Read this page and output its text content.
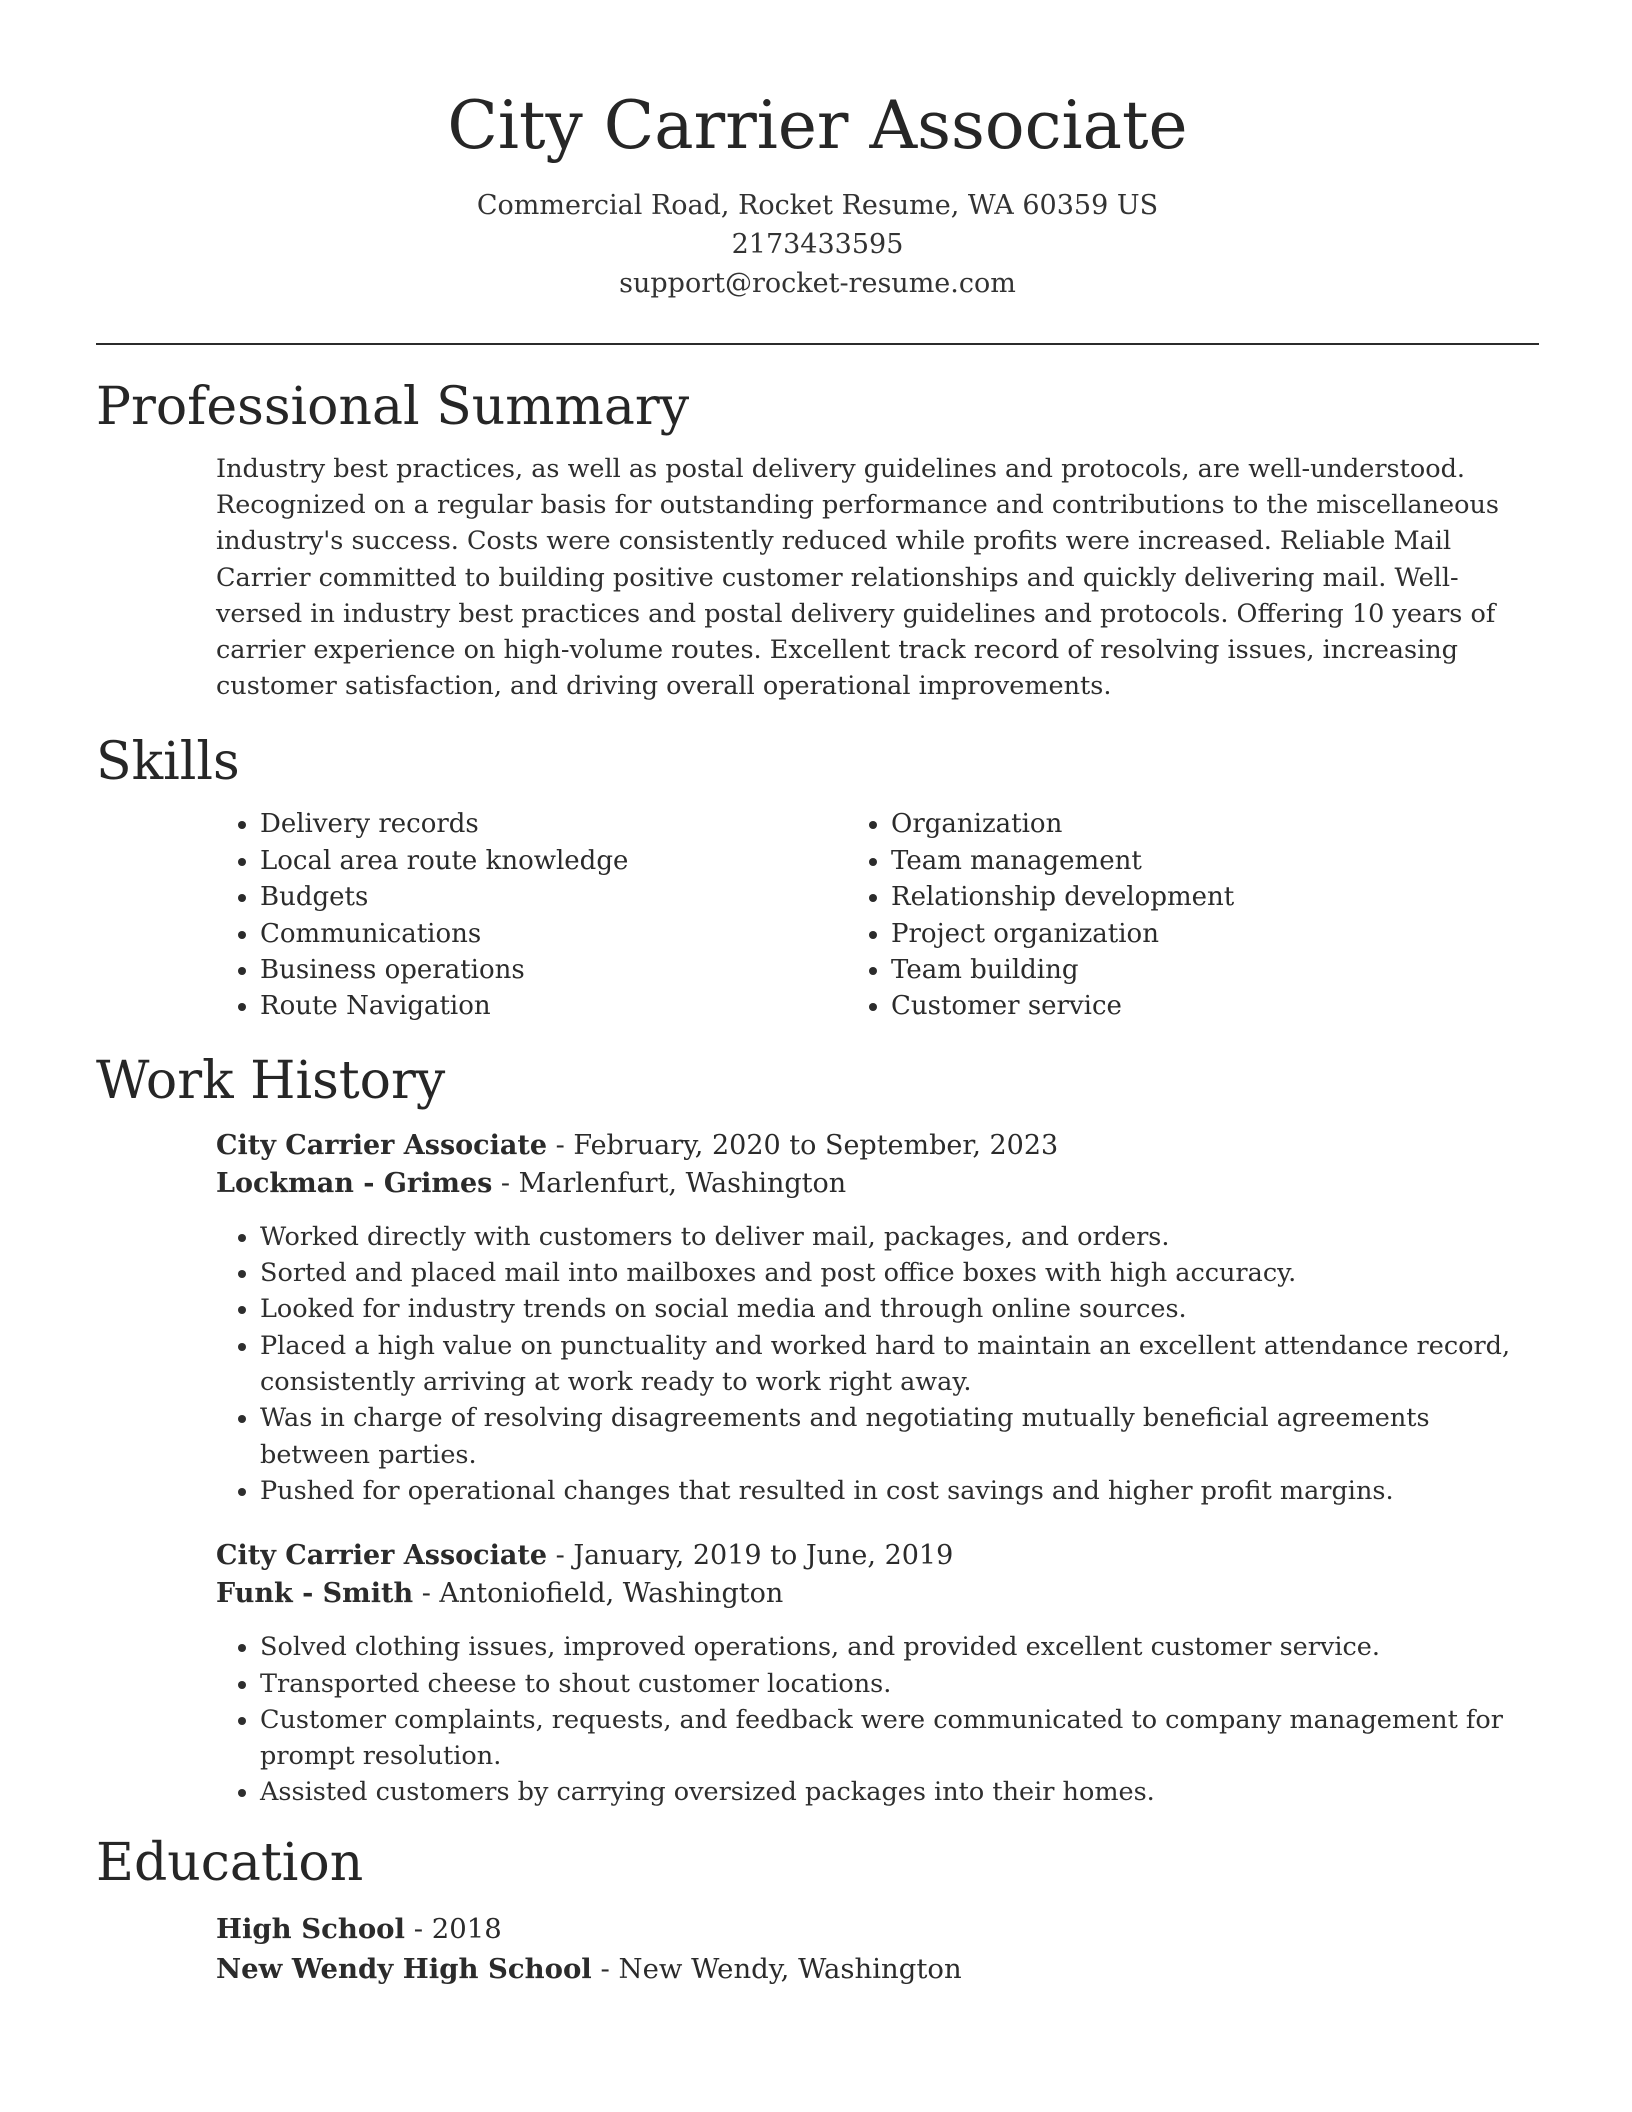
City Carrier Associate
Commercial Road, Rocket Resume, WA 60359 US
2173433595
support@rocket-resume.com
Professional Summary
Industry best practices, as well as postal delivery guidelines and protocols, are well-understood. Recognized on a regular basis for outstanding performance and contributions to the miscellaneous industry's success. Costs were consistently reduced while profits were increased. Reliable Mail Carrier committed to building positive customer relationships and quickly delivering mail. Well-versed in industry best practices and postal delivery guidelines and protocols. Offering 10 years of carrier experience on high-volume routes. Excellent track record of resolving issues, increasing customer satisfaction, and driving overall operational improvements.
Skills
• Delivery records
• Local area route knowledge
• Budgets
• Communications
• Business operations
• Route Navigation
• Organization
• Team management
• Relationship development
• Project organization
• Team building
• Customer service
Work History
City Carrier Associate - February, 2020 to September, 2023
Lockman - Grimes - Marlenfurt, Washington
• Worked directly with customers to deliver mail, packages, and orders.
• Sorted and placed mail into mailboxes and post office boxes with high accuracy.
• Looked for industry trends on social media and through online sources.
• Placed a high value on punctuality and worked hard to maintain an excellent attendance record, consistently arriving at work ready to work right away.
• Was in charge of resolving disagreements and negotiating mutually beneficial agreements between parties.
• Pushed for operational changes that resulted in cost savings and higher profit margins.
City Carrier Associate - January, 2019 to June, 2019
Funk - Smith - Antoniofield, Washington
• Solved clothing issues, improved operations, and provided excellent customer service.
• Transported cheese to shout customer locations.
• Customer complaints, requests, and feedback were communicated to company management for prompt resolution.
• Assisted customers by carrying oversized packages into their homes.
Education
High School - 2018
New Wendy High School - New Wendy, Washington
